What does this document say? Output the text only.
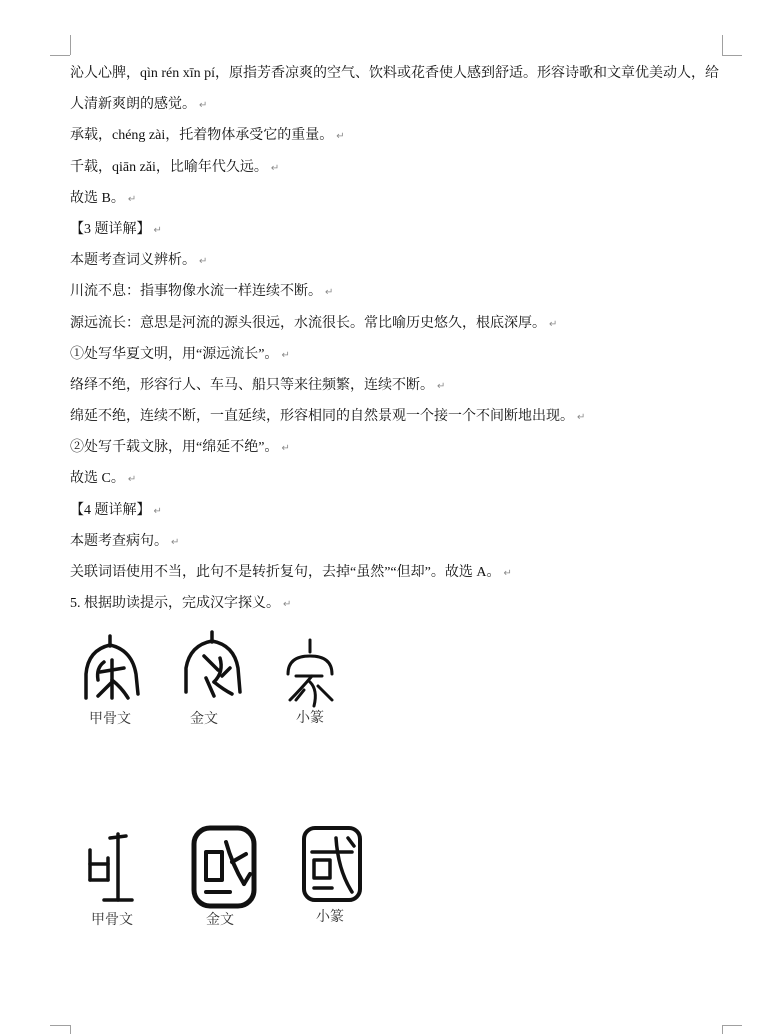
沁人心脾，qìn rén xīn pí，原指芳香凉爽的空气、饮料或花香使人感到舒适。形容诗歌和文章优美动人，给
人清新爽朗的感觉。 ↵
承载，chéng zài，托着物体承受它的重量。 ↵
千载，qiān zǎi，比喻年代久远。 ↵
故选 B。 ↵
【3 题详解】 ↵
本题考查词义辨析。 ↵
川流不息：指事物像水流一样连续不断。 ↵
源远流长：意思是河流的源头很远，水流很长。常比喻历史悠久，根底深厚。 ↵
①处写华夏文明，用“源远流长”。 ↵
络绎不绝，形容行人、车马、船只等来往频繁，连续不断。 ↵
绵延不绝，连续不断，一直延续，形容相同的自然景观一个接一个不间断地出现。 ↵
②处写千载文脉，用“绵延不绝”。 ↵
故选 C。 ↵
【4 题详解】 ↵
本题考查病句。 ↵
关联词语使用不当，此句不是转折复句，去掉“虽然”“但却”。故选 A。 ↵
5. 根据助读提示，完成汉字探义。 ↵
甲骨文	金文	小篆
甲骨文	金文	小篆
